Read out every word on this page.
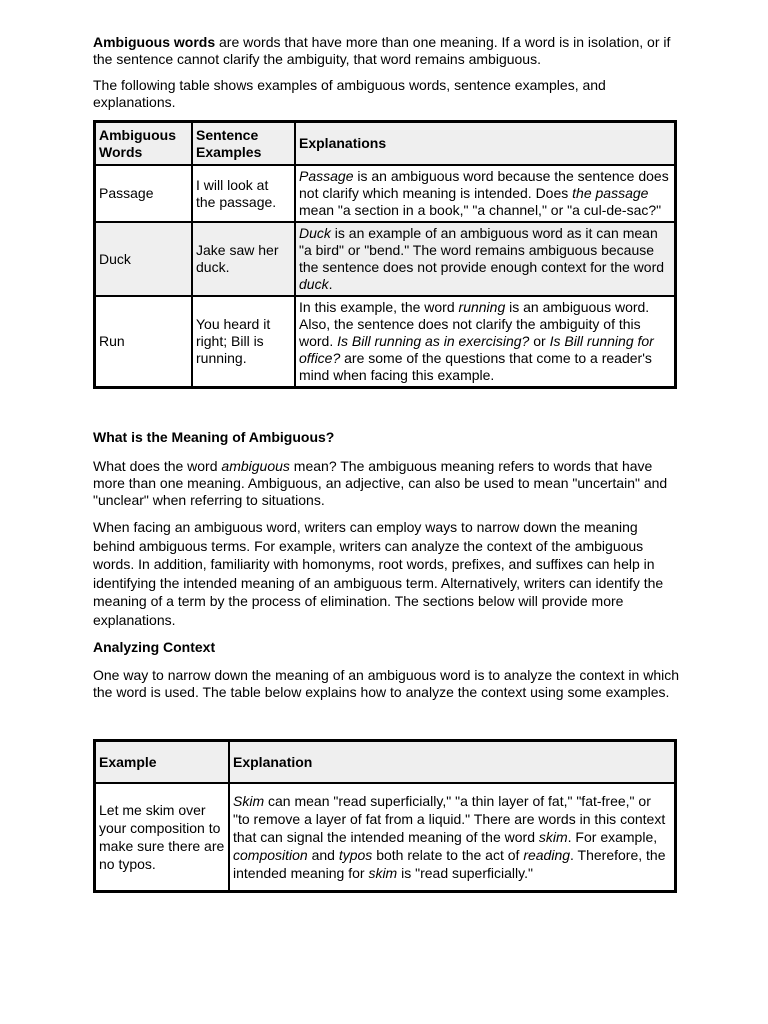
Ambiguous words are words that have more than one meaning. If a word is in isolation, or if the sentence cannot clarify the ambiguity, that word remains ambiguous.

The following table shows examples of ambiguous words, sentence examples, and explanations.

Ambiguous Words	Sentence Examples	Explanations
Passage	I will look at the passage.	Passage is an ambiguous word because the sentence does not clarify which meaning is intended. Does the passage mean "a section in a book," "a channel," or "a cul-de-sac?"
Duck	Jake saw her duck.	Duck is an example of an ambiguous word as it can mean "a bird" or "bend." The word remains ambiguous because the sentence does not provide enough context for the word duck.
Run	You heard it right; Bill is running.	In this example, the word running is an ambiguous word. Also, the sentence does not clarify the ambiguity of this word. Is Bill running as in exercising? or Is Bill running for office? are some of the questions that come to a reader's mind when facing this example.

What is the Meaning of Ambiguous?

What does the word ambiguous mean? The ambiguous meaning refers to words that have more than one meaning. Ambiguous, an adjective, can also be used to mean "uncertain" and "unclear" when referring to situations.

When facing an ambiguous word, writers can employ ways to narrow down the meaning behind ambiguous terms. For example, writers can analyze the context of the ambiguous words. In addition, familiarity with homonyms, root words, prefixes, and suffixes can help in identifying the intended meaning of an ambiguous term. Alternatively, writers can identify the meaning of a term by the process of elimination. The sections below will provide more explanations.

Analyzing Context

One way to narrow down the meaning of an ambiguous word is to analyze the context in which the word is used. The table below explains how to analyze the context using some examples.

Example	Explanation
Let me skim over your composition to make sure there are no typos.	Skim can mean "read superficially," "a thin layer of fat," "fat-free," or "to remove a layer of fat from a liquid." There are words in this context that can signal the intended meaning of the word skim. For example, composition and typos both relate to the act of reading. Therefore, the intended meaning for skim is "read superficially."
